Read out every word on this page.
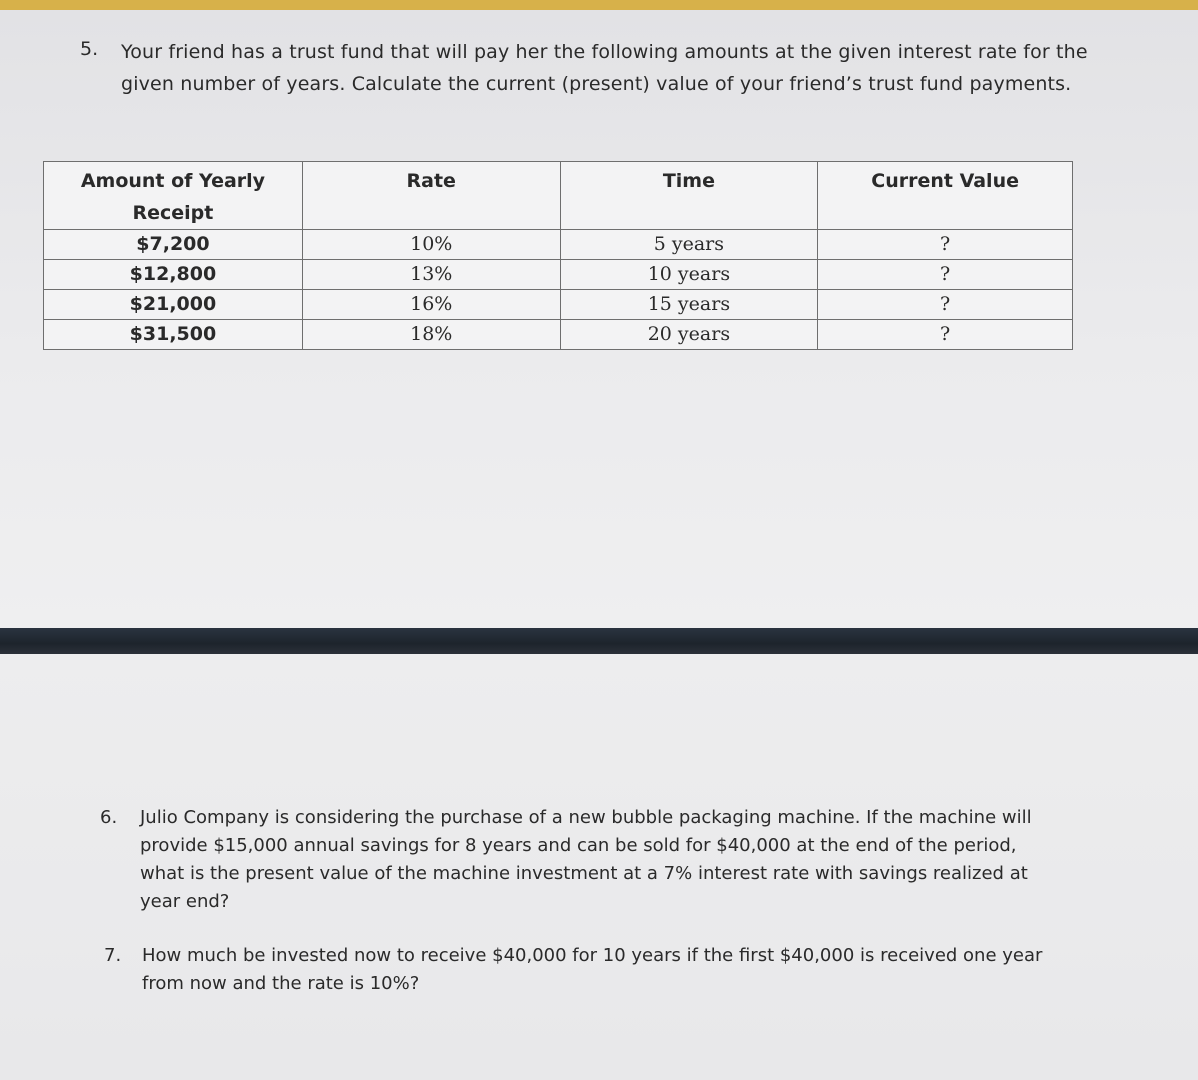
5. Your friend has a trust fund that will pay her the following amounts at the given interest rate for the given number of years. Calculate the current (present) value of your friend’s trust fund payments.
Amount of Yearly Receipt	Rate	Time	Current Value
$7,200	10%	5 years	?
$12,800	13%	10 years	?
$21,000	16%	15 years	?
$31,500	18%	20 years	?
6. Julio Company is considering the purchase of a new bubble packaging machine. If the machine will provide $15,000 annual savings for 8 years and can be sold for $40,000 at the end of the period, what is the present value of the machine investment at a 7% interest rate with savings realized at year end?
7. How much be invested now to receive $40,000 for 10 years if the first $40,000 is received one year from now and the rate is 10%?
